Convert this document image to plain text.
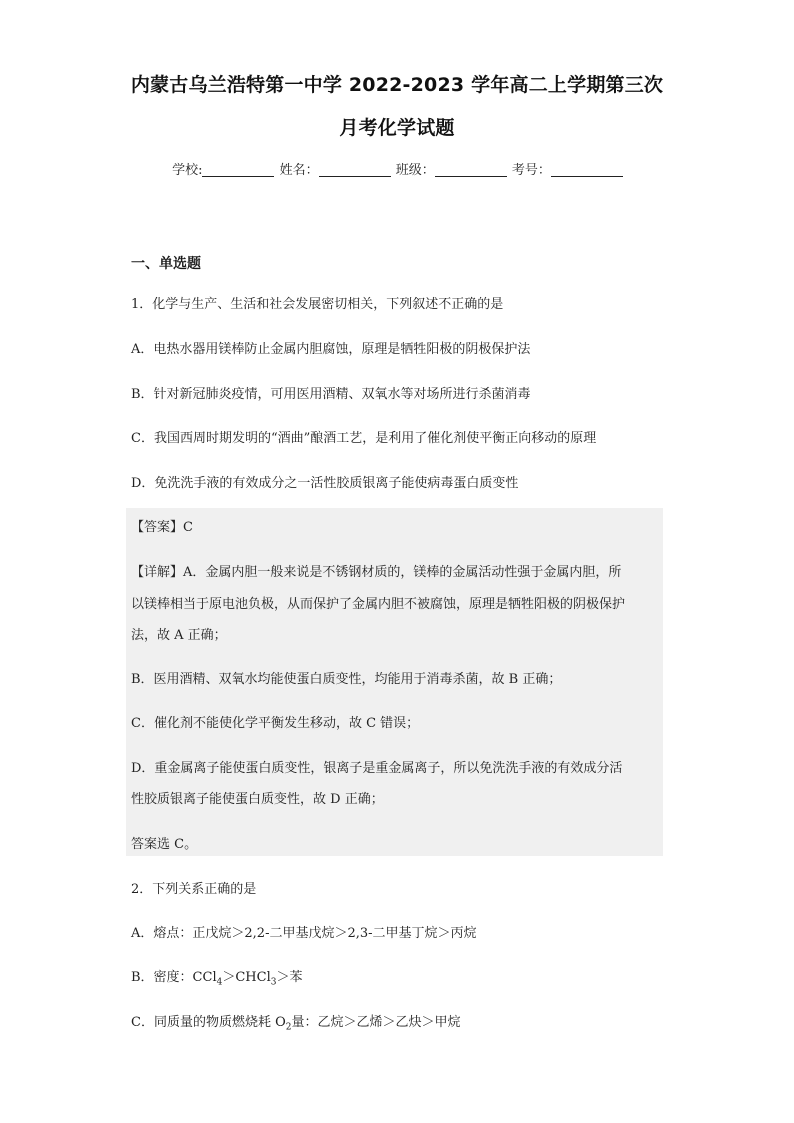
内蒙古乌兰浩特第一中学 2022-2023 学年高二上学期第三次
月考化学试题
学校:	姓名：	班级：	考号：
一、单选题
1．化学与生产、生活和社会发展密切相关，下列叙述不正确的是
A．电热水器用镁棒防止金属内胆腐蚀，原理是牺牲阳极的阴极保护法
B．针对新冠肺炎疫情，可用医用酒精、双氧水等对场所进行杀菌消毒
C．我国西周时期发明的“酒曲”酿酒工艺，是利用了催化剂使平衡正向移动的原理
D．免洗洗手液的有效成分之一活性胶质银离子能使病毒蛋白质变性
【答案】C
【详解】A．金属内胆一般来说是不锈钢材质的，镁棒的金属活动性强于金属内胆，所
以镁棒相当于原电池负极，从而保护了金属内胆不被腐蚀，原理是牺牲阳极的阴极保护
法，故 A 正确；
B．医用酒精、双氧水均能使蛋白质变性，均能用于消毒杀菌，故 B 正确；
C．催化剂不能使化学平衡发生移动，故 C 错误；
D．重金属离子能使蛋白质变性，银离子是重金属离子，所以免洗洗手液的有效成分活
性胶质银离子能使蛋白质变性，故 D 正确；
答案选 C。
2．下列关系正确的是
A．熔点：正戊烷＞2,2-二甲基戊烷＞2,3-二甲基丁烷＞丙烷
B．密度：CCl$_4$＞CHCl$_3$＞苯
C．同质量的物质燃烧耗 $O_2$量：乙烷＞乙烯＞乙炔＞甲烷
